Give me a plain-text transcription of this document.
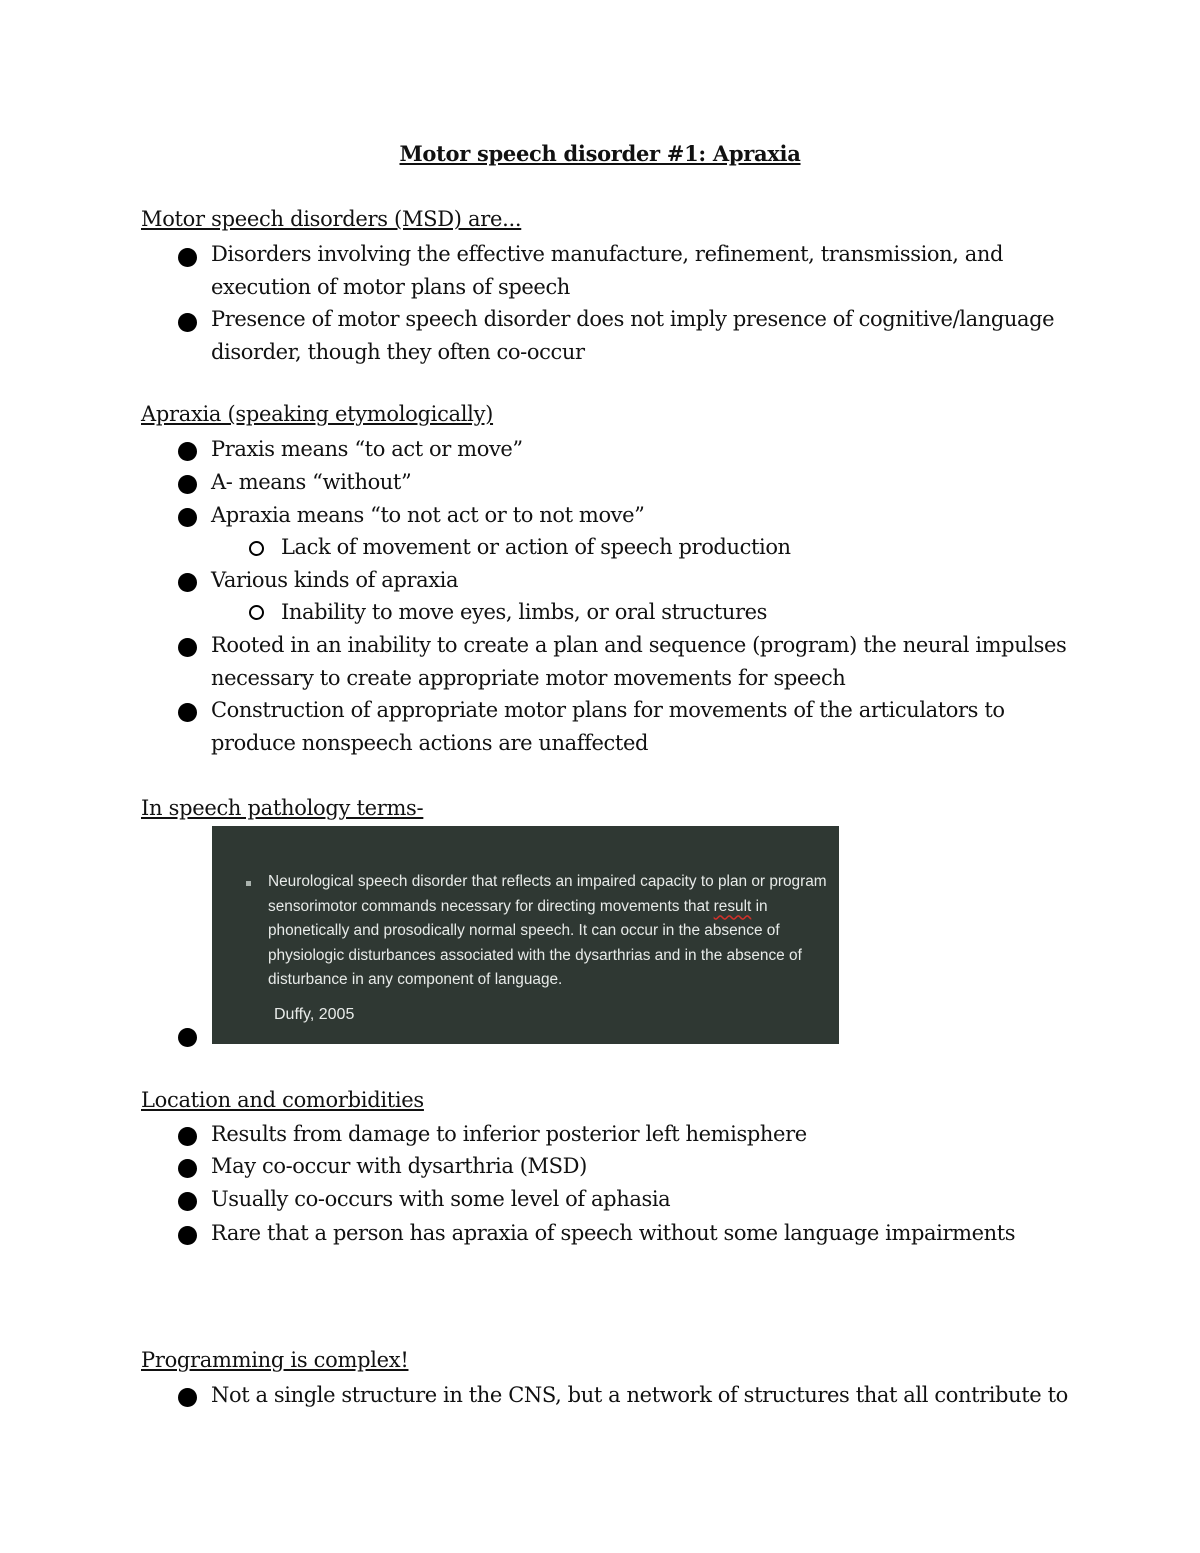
Motor speech disorder #1: Apraxia

Motor speech disorders (MSD) are...

Disorders involving the effective manufacture, refinement, transmission, and execution of motor plans of speech

Presence of motor speech disorder does not imply presence of cognitive/language disorder, though they often co-occur

Apraxia (speaking etymologically)

Praxis means “to act or move”

A- means “without”

Apraxia means “to not act or to not move”

Lack of movement or action of speech production

Various kinds of apraxia

Inability to move eyes, limbs, or oral structures

Rooted in an inability to create a plan and sequence (program) the neural impulses necessary to create appropriate motor movements for speech

Construction of appropriate motor plans for movements of the articulators to produce nonspeech actions are unaffected

In speech pathology terms-

Neurological speech disorder that reflects an impaired capacity to plan or program sensorimotor commands necessary for directing movements that result in phonetically and prosodically normal speech. It can occur in the absence of physiologic disturbances associated with the dysarthrias and in the absence of disturbance in any component of language.

Duffy, 2005

Location and comorbidities

Results from damage to inferior posterior left hemisphere

May co-occur with dysarthria (MSD)

Usually co-occurs with some level of aphasia

Rare that a person has apraxia of speech without some language impairments

Programming is complex!

Not a single structure in the CNS, but a network of structures that all contribute to
